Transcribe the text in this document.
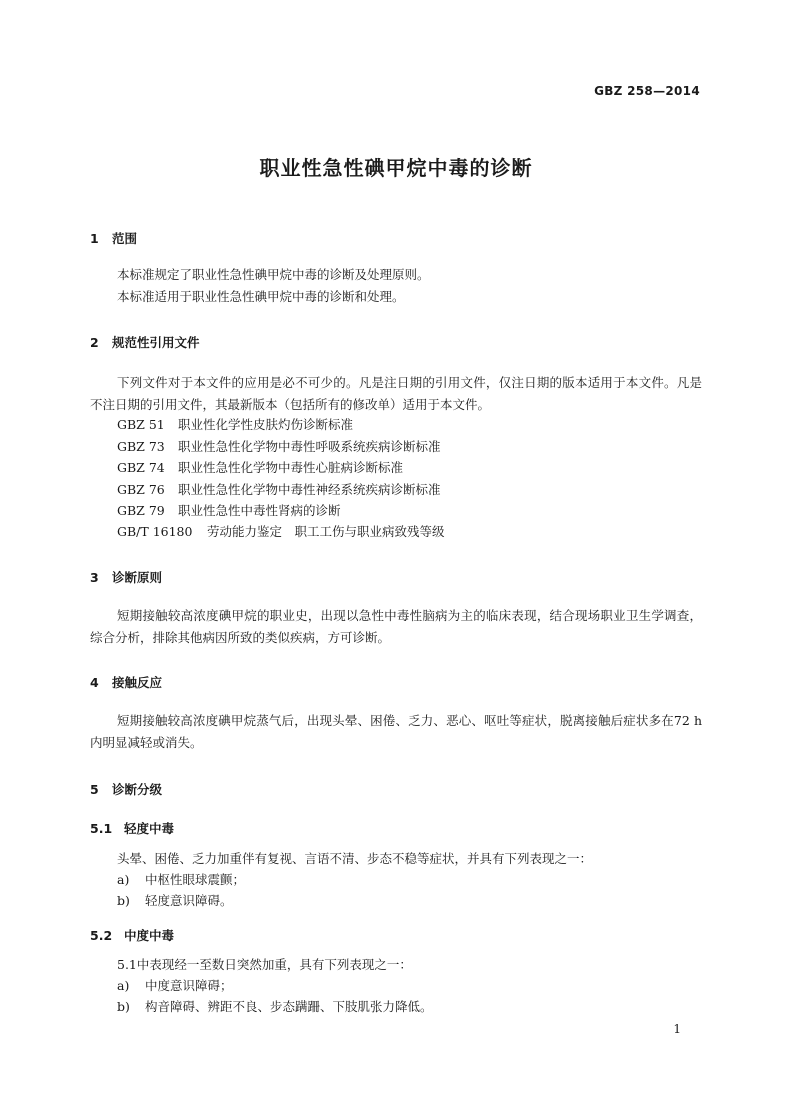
GBZ 258—2014
职业性急性碘甲烷中毒的诊断
1 范围
本标准规定了职业性急性碘甲烷中毒的诊断及处理原则。
本标准适用于职业性急性碘甲烷中毒的诊断和处理。
2 规范性引用文件
下列文件对于本文件的应用是必不可少的。凡是注日期的引用文件，仅注日期的版本适用于本文件。凡是不注日期的引用文件，其最新版本（包括所有的修改单）适用于本文件。
GBZ 51 职业性化学性皮肤灼伤诊断标准
GBZ 73 职业性急性化学物中毒性呼吸系统疾病诊断标准
GBZ 74 职业性急性化学物中毒性心脏病诊断标准
GBZ 76 职业性急性化学物中毒性神经系统疾病诊断标准
GBZ 79 职业性急性中毒性肾病的诊断
GB/T 16180 劳动能力鉴定　职工工伤与职业病致残等级
3 诊断原则
短期接触较高浓度碘甲烷的职业史，出现以急性中毒性脑病为主的临床表现，结合现场职业卫生学调查，综合分析，排除其他病因所致的类似疾病，方可诊断。
4 接触反应
短期接触较高浓度碘甲烷蒸气后，出现头晕、困倦、乏力、恶心、呕吐等症状，脱离接触后症状多在72 h内明显减轻或消失。
5 诊断分级
5.1 轻度中毒
头晕、困倦、乏力加重伴有复视、言语不清、步态不稳等症状，并具有下列表现之一：
a) 中枢性眼球震颤；
b) 轻度意识障碍。
5.2 中度中毒
5.1中表现经一至数日突然加重，具有下列表现之一：
a) 中度意识障碍；
b) 构音障碍、辨距不良、步态蹒跚、下肢肌张力降低。
1
